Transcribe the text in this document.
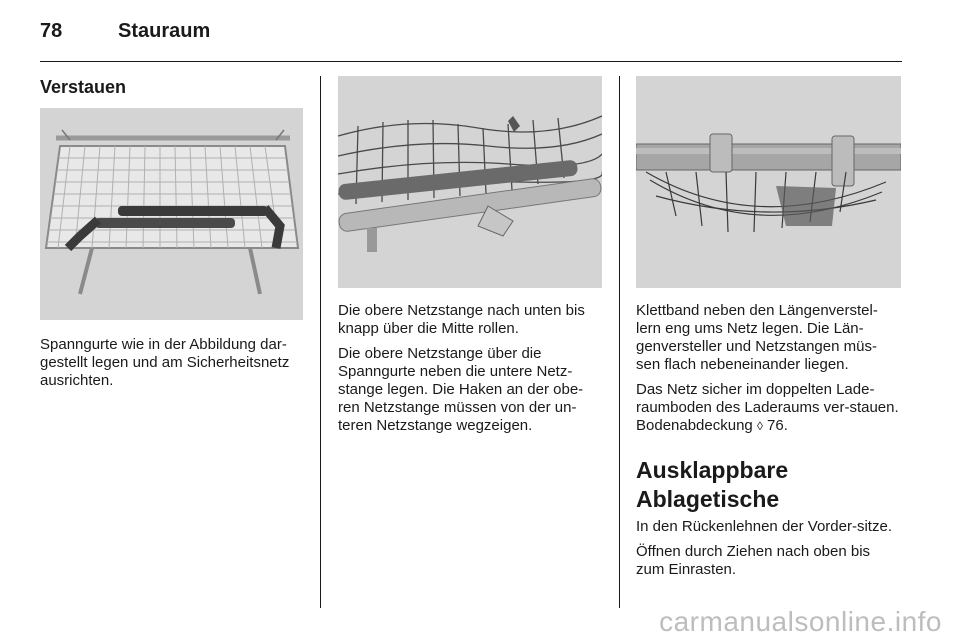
78	Stauraum
Verstauen

Spanngurte wie in der Abbildung dar-gestellt legen und am Sicherheitsnetz ausrichten.

Die obere Netzstange nach unten bis knapp über die Mitte rollen.

Die obere Netzstange über die Spanngurte neben die untere Netz-stange legen. Die Haken an der obe-ren Netzstange müssen von der un-teren Netzstange wegzeigen.

Klettband neben den Längenverstel-lern eng ums Netz legen. Die Län-genversteller und Netzstangen müs-sen flach nebeneinander liegen.

Das Netz sicher im doppelten Lade-raumboden des Laderaums ver-stauen. Bodenabdeckung ◊ 76.

Ausklappbare
Ablagetische

In den Rückenlehnen der Vorder-sitze.

Öffnen durch Ziehen nach oben bis zum Einrasten.

carmanualsonline.info
